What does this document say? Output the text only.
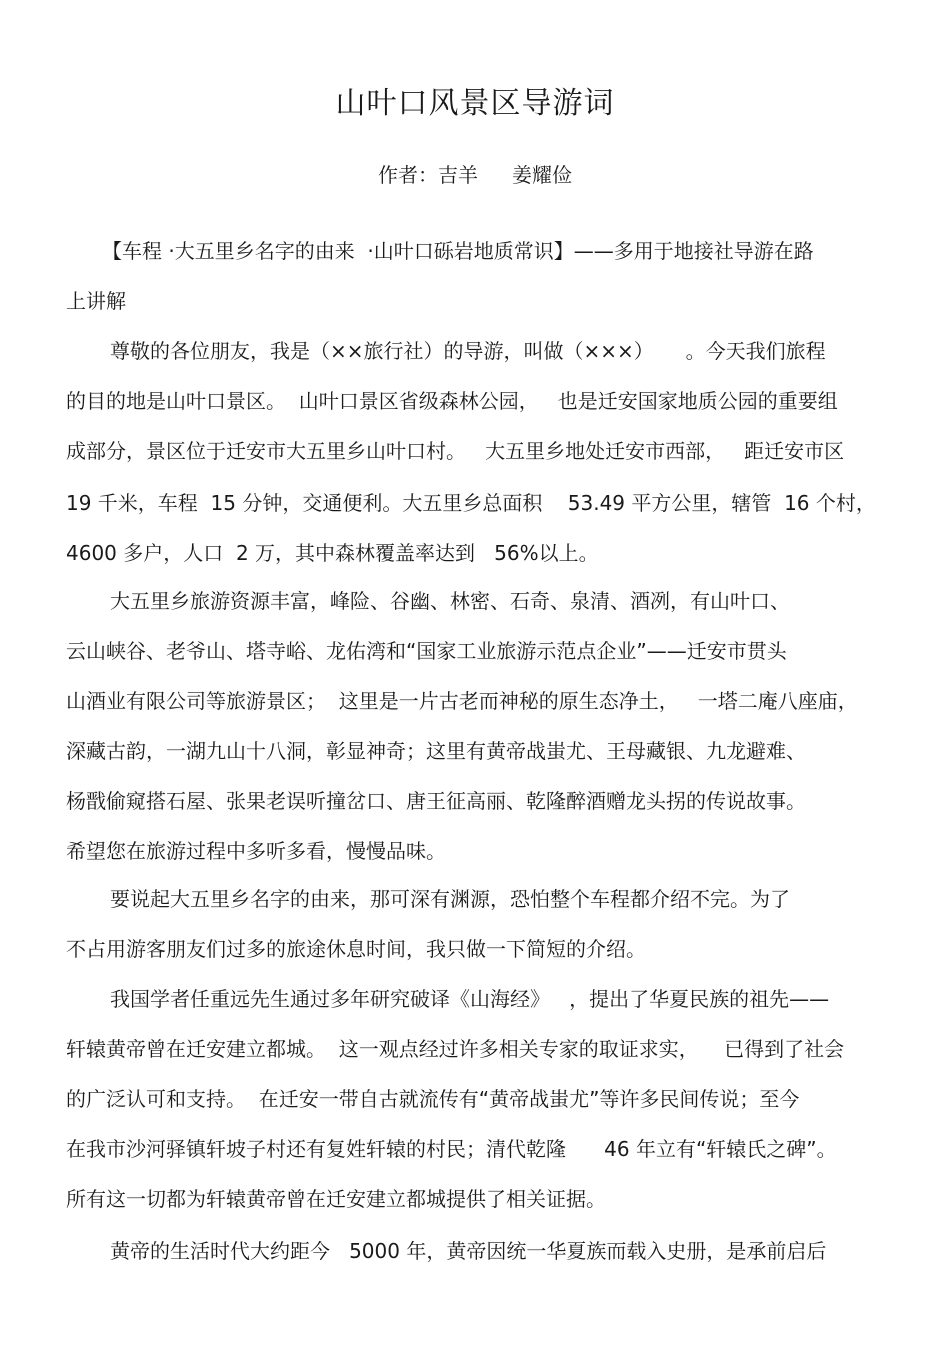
山叶口风景区导游词
作者：吉羊 姜耀俭
【车程 ·大五里乡名字的由来  ·山叶口砾岩地质常识】——多用于地接社导游在路
上讲解
尊敬的各位朋友，我是（××旅行社）的导游，叫做（×××）     。今天我们旅程
的目的地是山叶口景区。  山叶口景区省级森林公园，   也是迁安国家地质公园的重要组
成部分，景区位于迁安市大五里乡山叶口村。   大五里乡地处迁安市西部，   距迁安市区
19 千米，车程  15 分钟，交通便利。大五里乡总面积    53.49 平方公里，辖管  16 个村，
4600 多户，人口  2 万，其中森林覆盖率达到   56%以上。
大五里乡旅游资源丰富，峰险、谷幽、林密、石奇、泉清、酒冽，有山叶口、
云山峡谷、老爷山、塔寺峪、龙佑湾和“国家工业旅游示范点企业”——迁安市贯头
山酒业有限公司等旅游景区；  这里是一片古老而神秘的原生态净土，   一塔二庵八座庙，
深藏古韵，一湖九山十八洞，彰显神奇；这里有黄帝战蚩尤、王母藏银、九龙避难、
杨戬偷窥搭石屋、张果老误听撞岔口、唐王征高丽、乾隆醉酒赠龙头拐的传说故事。
希望您在旅游过程中多听多看，慢慢品味。
要说起大五里乡名字的由来，那可深有渊源，恐怕整个车程都介绍不完。为了
不占用游客朋友们过多的旅途休息时间，我只做一下简短的介绍。
我国学者任重远先生通过多年研究破译《山海经》   ，提出了华夏民族的祖先——
轩辕黄帝曾在迁安建立都城。  这一观点经过许多相关专家的取证求实，    已得到了社会
的广泛认可和支持。  在迁安一带自古就流传有“黄帝战蚩尤”等许多民间传说；至今
在我市沙河驿镇轩坡子村还有复姓轩辕的村民；清代乾隆      46 年立有“轩辕氏之碑”。
所有这一切都为轩辕黄帝曾在迁安建立都城提供了相关证据。
黄帝的生活时代大约距今   5000 年，黄帝因统一华夏族而载入史册，是承前启后
